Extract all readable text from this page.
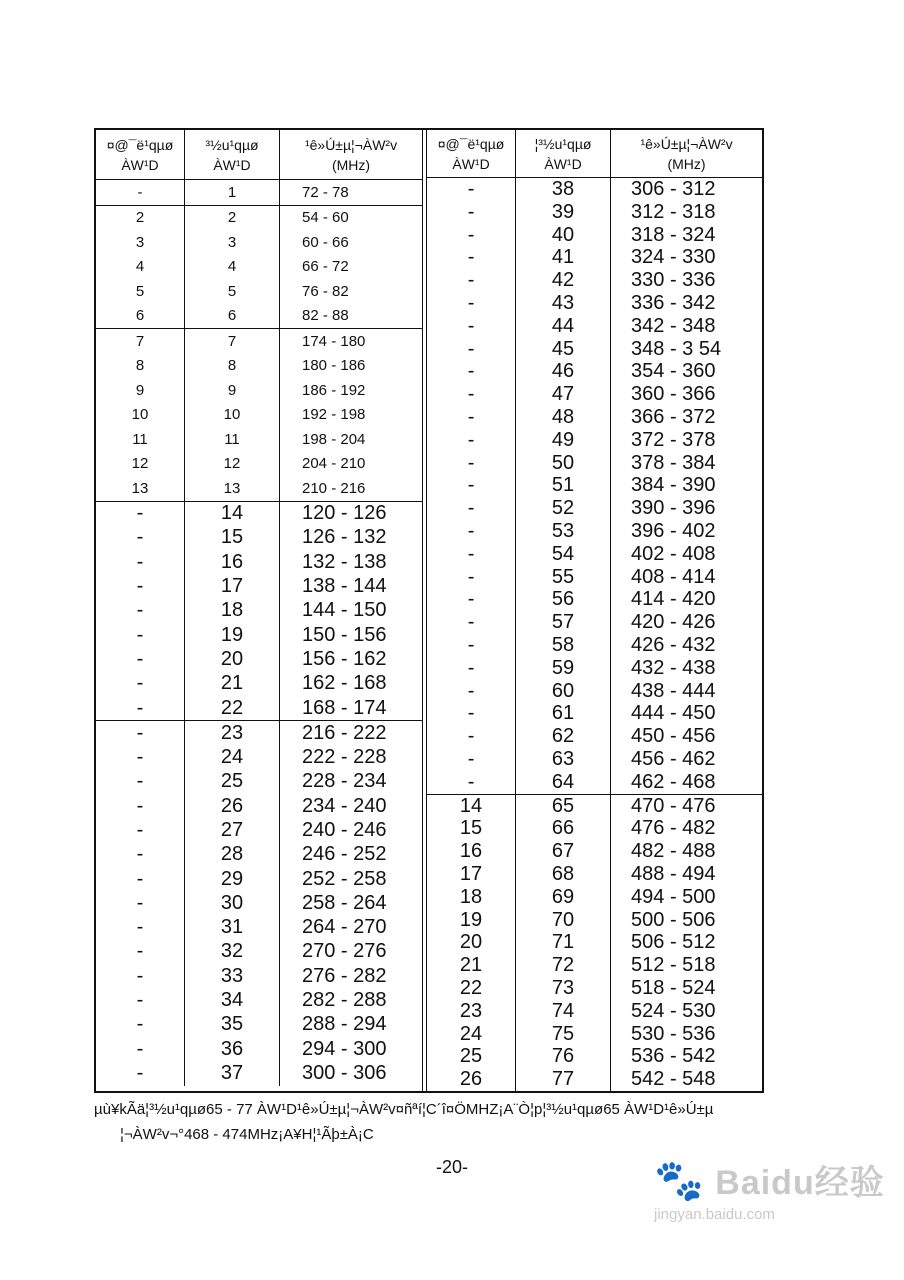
¤@¯ë¹qµø
ÀW¹D
³½u¹qµø
ÀW¹D
¹ê»Ú±µ¦¬ÀW²v
(MHz)
-	1	72 - 78
2	2	54 - 60
3	3	60 - 66
4	4	66 - 72
5	5	76 - 82
6	6	82 - 88
7	7	174 - 180
8	8	180 - 186
9	9	186 - 192
10	10	192 - 198
11	11	198 - 204
12	12	204 - 210
13	13	210 - 216
-	14	120 - 126
-	15	126 - 132
-	16	132 - 138
-	17	138 - 144
-	18	144 - 150
-	19	150 - 156
-	20	156 - 162
-	21	162 - 168
-	22	168 - 174
-	23	216 - 222
-	24	222 - 228
-	25	228 - 234
-	26	234 - 240
-	27	240 - 246
-	28	246 - 252
-	29	252 - 258
-	30	258 - 264
-	31	264 - 270
-	32	270 - 276
-	33	276 - 282
-	34	282 - 288
-	35	288 - 294
-	36	294 - 300
-	37	300 - 306
¤@¯ë¹qµø
ÀW¹D
¦³½u¹qµø
ÀW¹D
¹ê»Ú±µ¦¬ÀW²v
(MHz)
-	38	306 - 312
-	39	312 - 318
-	40	318 - 324
-	41	324 - 330
-	42	330 - 336
-	43	336 - 342
-	44	342 - 348
-	45	348 - 3 54
-	46	354 - 360
-	47	360 - 366
-	48	366 - 372
-	49	372 - 378
-	50	378 - 384
-	51	384 - 390
-	52	390 - 396
-	53	396 - 402
-	54	402 - 408
-	55	408 - 414
-	56	414 - 420
-	57	420 - 426
-	58	426 - 432
-	59	432 - 438
-	60	438 - 444
-	61	444 - 450
-	62	450 - 456
-	63	456 - 462
-	64	462 - 468
14	65	470 - 476
15	66	476 - 482
16	67	482 - 488
17	68	488 - 494
18	69	494 - 500
19	70	500 - 506
20	71	506 - 512
21	72	512 - 518
22	73	518 - 524
23	74	524 - 530
24	75	530 - 536
25	76	536 - 542
26	77	542 - 548
µù¥kÃä¦³½u¹qµø65 - 77 ÀW¹D¹ê»Ú±µ¦¬ÀW²v¤ñªí¦C´î¤ÖMHZ¡A¨Ò¦p¦³½u¹qµø65 ÀW¹D¹ê»Ú±µ
¦¬ÀW²v¬°468 - 474MHz¡A¥H¦¹Ãþ±À¡C
-20-	🐾 Baidu经验
jingyan.baidu.com
